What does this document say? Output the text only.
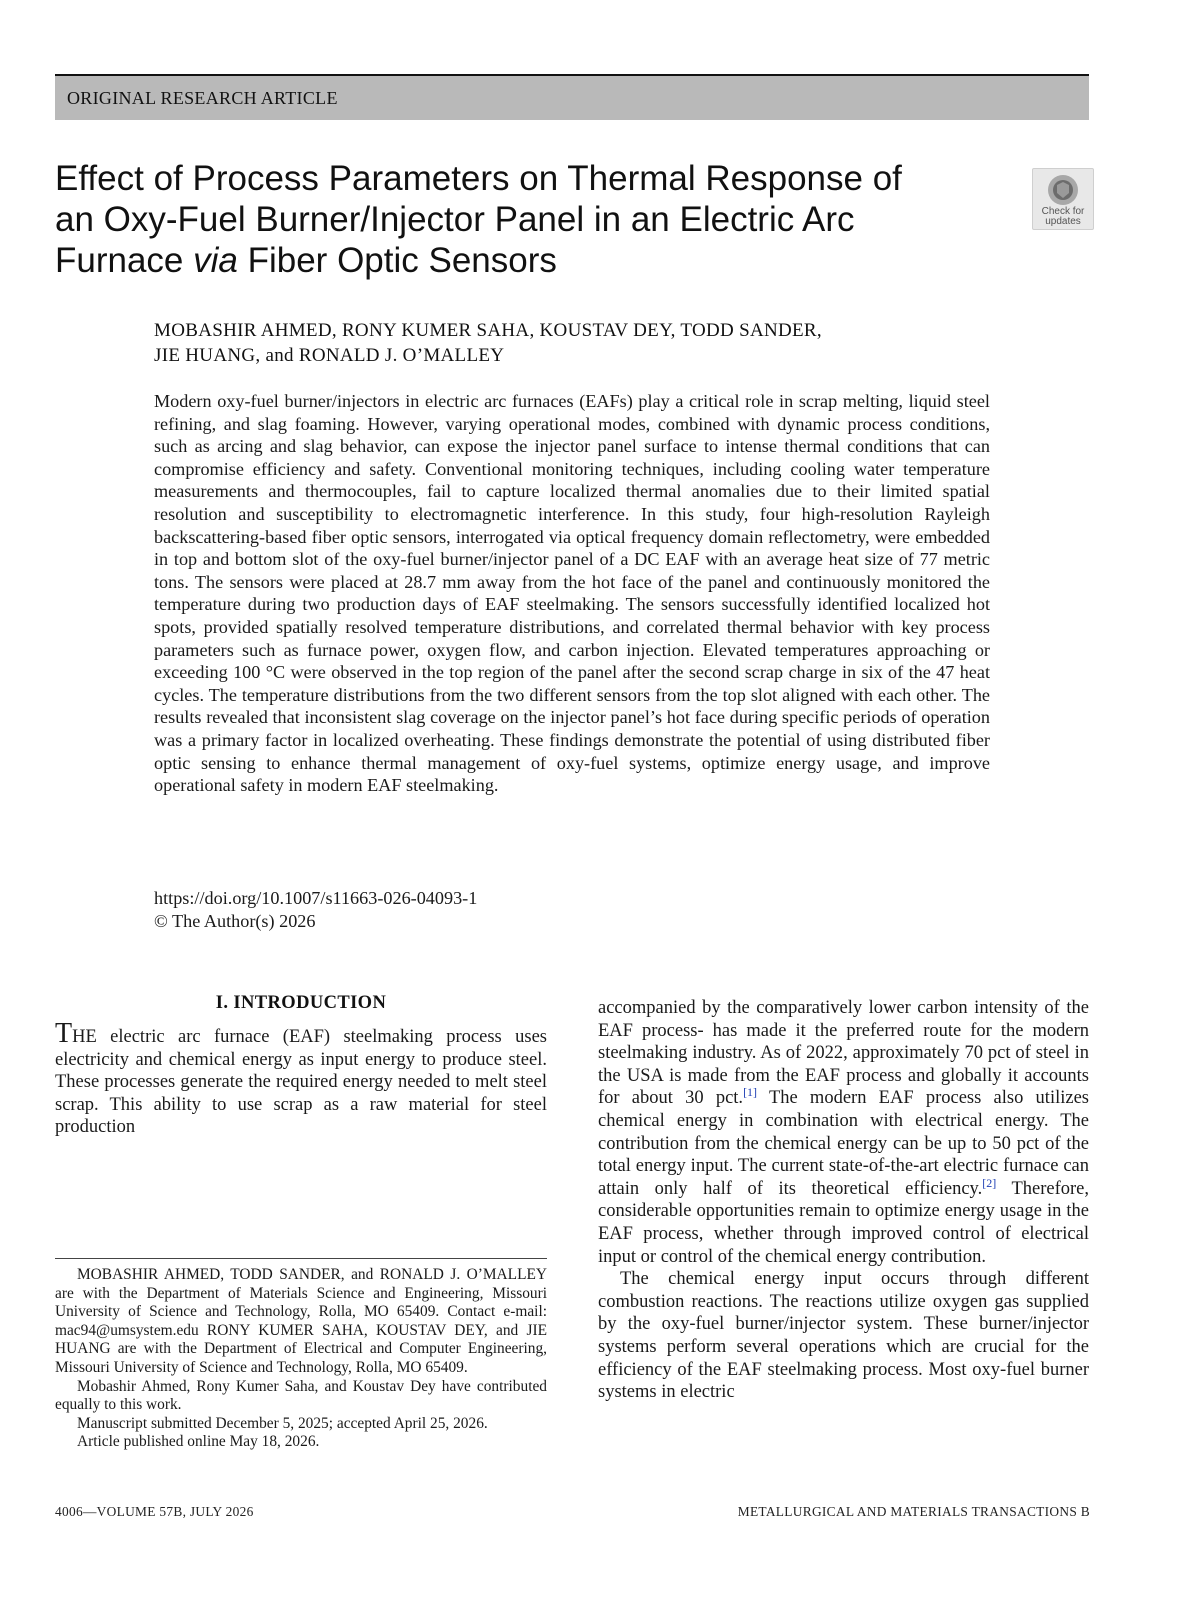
ORIGINAL RESEARCH ARTICLE
Effect of Process Parameters on Thermal Response of an Oxy-Fuel Burner/Injector Panel in an Electric Arc Furnace via Fiber Optic Sensors
Check for
updates
MOBASHIR AHMED, RONY KUMER SAHA, KOUSTAV DEY, TODD SANDER,
JIE HUANG, and RONALD J. O’MALLEY
Modern oxy-fuel burner/injectors in electric arc furnaces (EAFs) play a critical role in scrap melting, liquid steel refining, and slag foaming. However, varying operational modes, combined with dynamic process conditions, such as arcing and slag behavior, can expose the injector panel surface to intense thermal conditions that can compromise efficiency and safety. Conventional monitoring techniques, including cooling water temperature measurements and thermocouples, fail to capture localized thermal anomalies due to their limited spatial resolution and susceptibility to electromagnetic interference. In this study, four high-resolution Rayleigh backscattering-based fiber optic sensors, interrogated via optical frequency domain reflectometry, were embedded in top and bottom slot of the oxy-fuel burner/injector panel of a DC EAF with an average heat size of 77 metric tons. The sensors were placed at 28.7 mm away from the hot face of the panel and continuously monitored the temperature during two production days of EAF steelmaking. The sensors successfully identified localized hot spots, provided spatially resolved temperature distributions, and correlated thermal behavior with key process parameters such as furnace power, oxygen flow, and carbon injection. Elevated temperatures approaching or exceeding 100 °C were observed in the top region of the panel after the second scrap charge in six of the 47 heat cycles. The temperature distributions from the two different sensors from the top slot aligned with each other. The results revealed that inconsistent slag coverage on the injector panel’s hot face during specific periods of operation was a primary factor in localized overheating. These findings demonstrate the potential of using distributed fiber optic sensing to enhance thermal management of oxy-fuel systems, optimize energy usage, and improve operational safety in modern EAF steelmaking.
https://doi.org/10.1007/s11663-026-04093-1
© The Author(s) 2026
I. INTRODUCTION

THE electric arc furnace (EAF) steelmaking process uses electricity and chemical energy as input energy to produce steel. These processes generate the required energy needed to melt steel scrap. This ability to use scrap as a raw material for steel production

accompanied by the comparatively lower carbon intensity of the EAF process- has made it the preferred route for the modern steelmaking industry. As of 2022, approximately 70 pct of steel in the USA is made from the EAF process and globally it accounts for about 30 pct.[1] The modern EAF process also utilizes chemical energy in combination with electrical energy. The contribution from the chemical energy can be up to 50 pct of the total energy input. The current state-of-the-art electric furnace can attain only half of its theoretical efficiency.[2] Therefore, considerable opportunities remain to optimize energy usage in the EAF process, whether through improved control of electrical input or control of the chemical energy contribution.

The chemical energy input occurs through different combustion reactions. The reactions utilize oxygen gas supplied by the oxy-fuel burner/injector system. These burner/injector systems perform several operations which are crucial for the efficiency of the EAF steelmaking process. Most oxy-fuel burner systems in electric

MOBASHIR AHMED, TODD SANDER, and RONALD J. O’MALLEY are with the Department of Materials Science and Engineering, Missouri University of Science and Technology, Rolla, MO 65409. Contact e-mail: mac94@umsystem.edu RONY KUMER SAHA, KOUSTAV DEY, and JIE HUANG are with the Department of Electrical and Computer Engineering, Missouri University of Science and Technology, Rolla, MO 65409.

Mobashir Ahmed, Rony Kumer Saha, and Koustav Dey have contributed equally to this work.

Manuscript submitted December 5, 2025; accepted April 25, 2026.

Article published online May 18, 2026.

4006—VOLUME 57B, JULY 2026	METALLURGICAL AND MATERIALS TRANSACTIONS B
